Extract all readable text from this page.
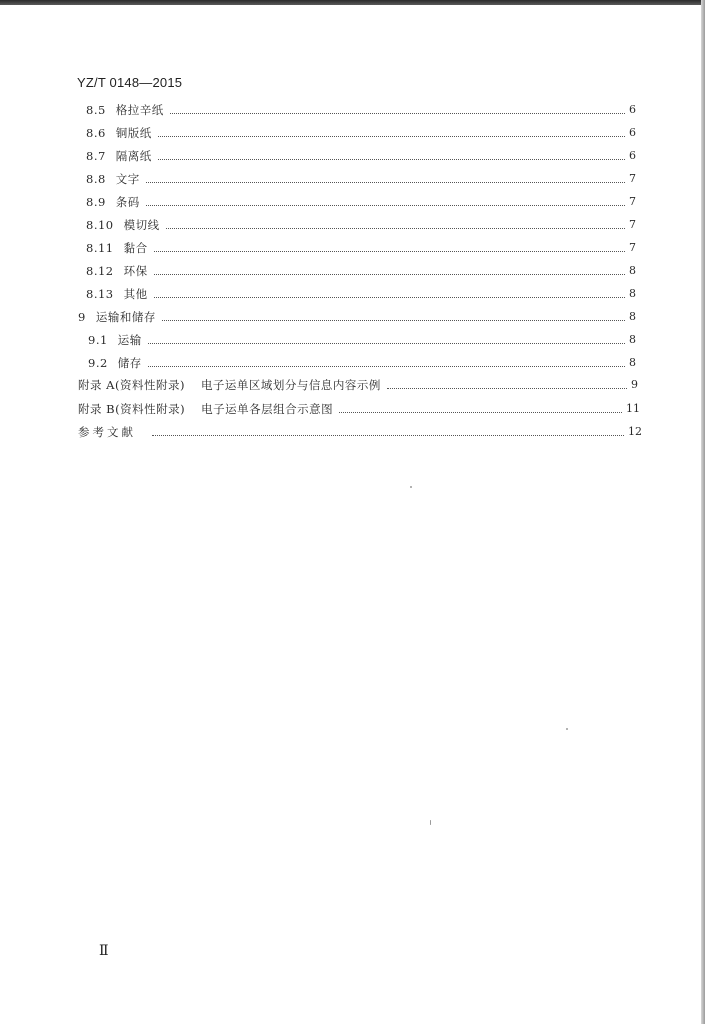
YZ/T 0148—2015
8.5 格拉辛纸	6
8.6 铜版纸	6
8.7 隔离纸	6
8.8 文字	7
8.9 条码	7
8.10 模切线	7
8.11 黏合	7
8.12 环保	8
8.13 其他	8
9 运输和储存	8
9.1 运输	8
9.2 储存	8
附录 A(资料性附录)	电子运单区域划分与信息内容示例	9
附录 B(资料性附录)	电子运单各层组合示意图	11
参考文献	12
Ⅱ
